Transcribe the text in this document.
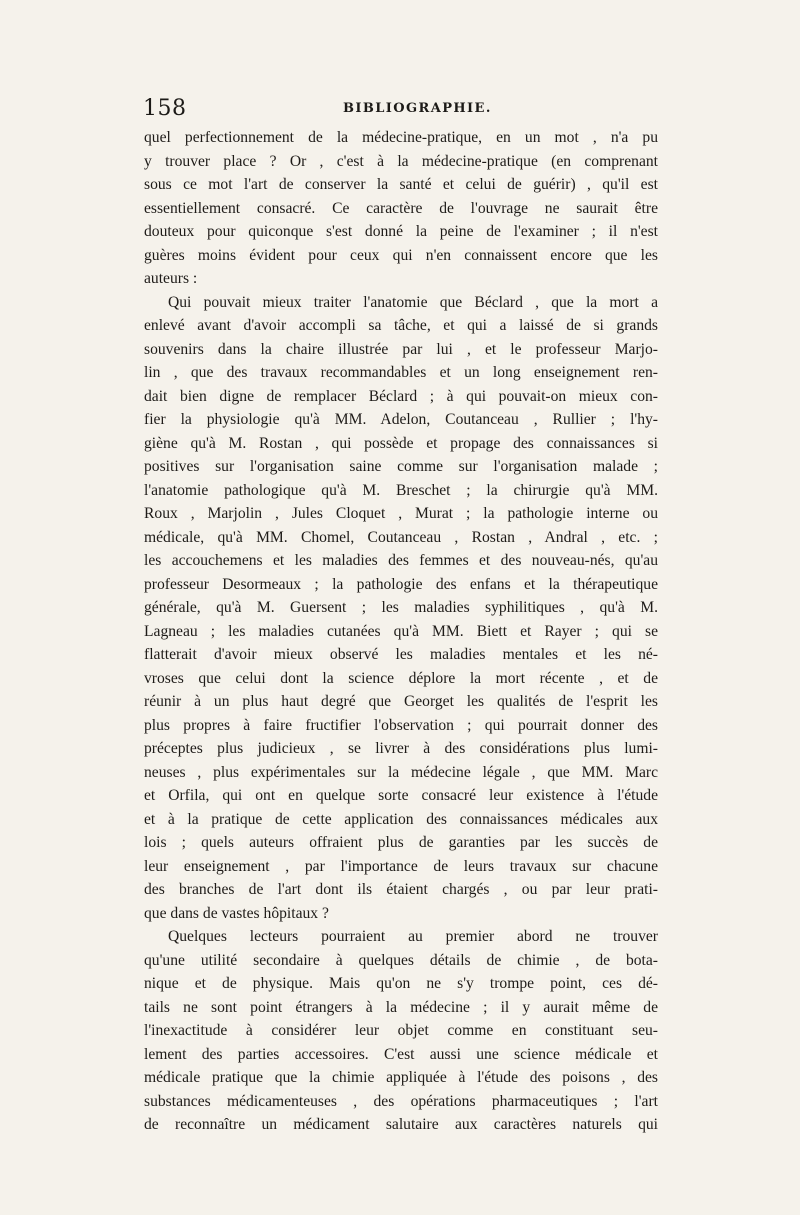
158	BIBLIOGRAPHIE.
quel perfectionnement de la médecine-pratique, en un mot , n'a pu
y trouver place ? Or , c'est à la médecine-pratique (en comprenant
sous ce mot l'art de conserver la santé et celui de guérir) , qu'il est
essentiellement consacré. Ce caractère de l'ouvrage ne saurait être
douteux pour quiconque s'est donné la peine de l'examiner ; il n'est
guères moins évident pour ceux qui n'en connaissent encore que les
auteurs :
Qui pouvait mieux traiter l'anatomie que Béclard , que la mort a
enlevé avant d'avoir accompli sa tâche, et qui a laissé de si grands
souvenirs dans la chaire illustrée par lui , et le professeur Marjo-
lin , que des travaux recommandables et un long enseignement ren-
dait bien digne de remplacer Béclard ; à qui pouvait-on mieux con-
fier la physiologie qu'à MM. Adelon, Coutanceau , Rullier ; l'hy-
giène qu'à M. Rostan , qui possède et propage des connaissances si
positives sur l'organisation saine comme sur l'organisation malade ;
l'anatomie pathologique qu'à M. Breschet ; la chirurgie qu'à MM.
Roux , Marjolin , Jules Cloquet , Murat ; la pathologie interne ou
médicale, qu'à MM. Chomel, Coutanceau , Rostan , Andral , etc. ;
les accouchemens et les maladies des femmes et des nouveau-nés, qu'au
professeur Desormeaux ; la pathologie des enfans et la thérapeutique
générale, qu'à M. Guersent ; les maladies syphilitiques , qu'à M.
Lagneau ; les maladies cutanées qu'à MM. Biett et Rayer ; qui se
flatterait d'avoir mieux observé les maladies mentales et les né-
vroses que celui dont la science déplore la mort récente , et de
réunir à un plus haut degré que Georget les qualités de l'esprit les
plus propres à faire fructifier l'observation ; qui pourrait donner des
préceptes plus judicieux , se livrer à des considérations plus lumi-
neuses , plus expérimentales sur la médecine légale , que MM. Marc
et Orfila, qui ont en quelque sorte consacré leur existence à l'étude
et à la pratique de cette application des connaissances médicales aux
lois ; quels auteurs offraient plus de garanties par les succès de
leur enseignement , par l'importance de leurs travaux sur chacune
des branches de l'art dont ils étaient chargés , ou par leur prati-
que dans de vastes hôpitaux ?
Quelques lecteurs pourraient au premier abord ne trouver
qu'une utilité secondaire à quelques détails de chimie , de bota-
nique et de physique. Mais qu'on ne s'y trompe point, ces dé-
tails ne sont point étrangers à la médecine ; il y aurait même de
l'inexactitude à considérer leur objet comme en constituant seu-
lement des parties accessoires. C'est aussi une science médicale et
médicale pratique que la chimie appliquée à l'étude des poisons , des
substances médicamenteuses , des opérations pharmaceutiques ; l'art
de reconnaître un médicament salutaire aux caractères naturels qui
